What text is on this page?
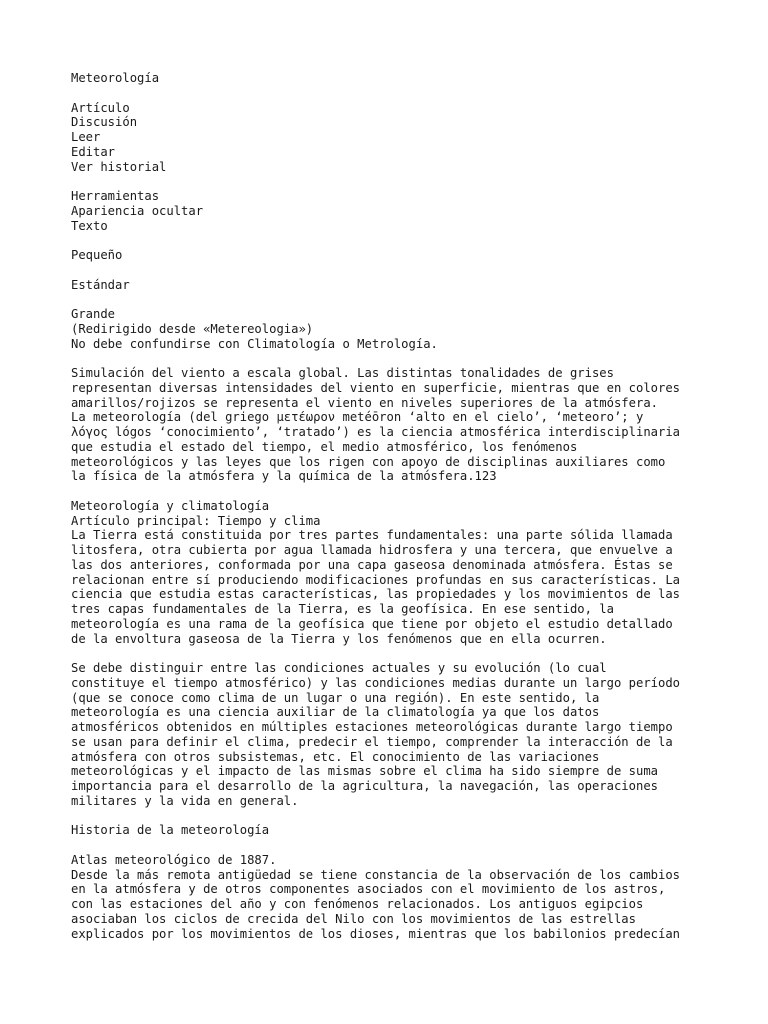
Meteorología
Artículo
Discusión
Leer
Editar
Ver historial
Herramientas
Apariencia ocultar
Texto
Pequeño
Estándar
Grande
(Redirigido desde «Metereologia»)
No debe confundirse con Climatología o Metrología.
Simulación del viento a escala global. Las distintas tonalidades de grises
representan diversas intensidades del viento en superficie, mientras que en colores
amarillos/rojizos se representa el viento en niveles superiores de la atmósfera.
La meteorología (del griego μετέωρον metéōron ‘alto en el cielo’, ‘meteoro’; y
λόγος lógos ‘conocimiento’, ‘tratado’) es la ciencia atmosférica interdisciplinaria
que estudia el estado del tiempo, el medio atmosférico, los fenómenos
meteorológicos y las leyes que los rigen con apoyo de disciplinas auxiliares como
la física de la atmósfera y la química de la atmósfera.123
Meteorología y climatología
Artículo principal: Tiempo y clima
La Tierra está constituida por tres partes fundamentales: una parte sólida llamada
litosfera, otra cubierta por agua llamada hidrosfera y una tercera, que envuelve a
las dos anteriores, conformada por una capa gaseosa denominada atmósfera. Éstas se
relacionan entre sí produciendo modificaciones profundas en sus características. La
ciencia que estudia estas características, las propiedades y los movimientos de las
tres capas fundamentales de la Tierra, es la geofísica. En ese sentido, la
meteorología es una rama de la geofísica que tiene por objeto el estudio detallado
de la envoltura gaseosa de la Tierra y los fenómenos que en ella ocurren.
Se debe distinguir entre las condiciones actuales y su evolución (lo cual
constituye el tiempo atmosférico) y las condiciones medias durante un largo período
(que se conoce como clima de un lugar o una región). En este sentido, la
meteorología es una ciencia auxiliar de la climatología ya que los datos
atmosféricos obtenidos en múltiples estaciones meteorológicas durante largo tiempo
se usan para definir el clima, predecir el tiempo, comprender la interacción de la
atmósfera con otros subsistemas, etc. El conocimiento de las variaciones
meteorológicas y el impacto de las mismas sobre el clima ha sido siempre de suma
importancia para el desarrollo de la agricultura, la navegación, las operaciones
militares y la vida en general.
Historia de la meteorología
Atlas meteorológico de 1887.
Desde la más remota antigüedad se tiene constancia de la observación de los cambios
en la atmósfera y de otros componentes asociados con el movimiento de los astros,
con las estaciones del año y con fenómenos relacionados. Los antiguos egipcios
asociaban los ciclos de crecida del Nilo con los movimientos de las estrellas
explicados por los movimientos de los dioses, mientras que los babilonios predecían
